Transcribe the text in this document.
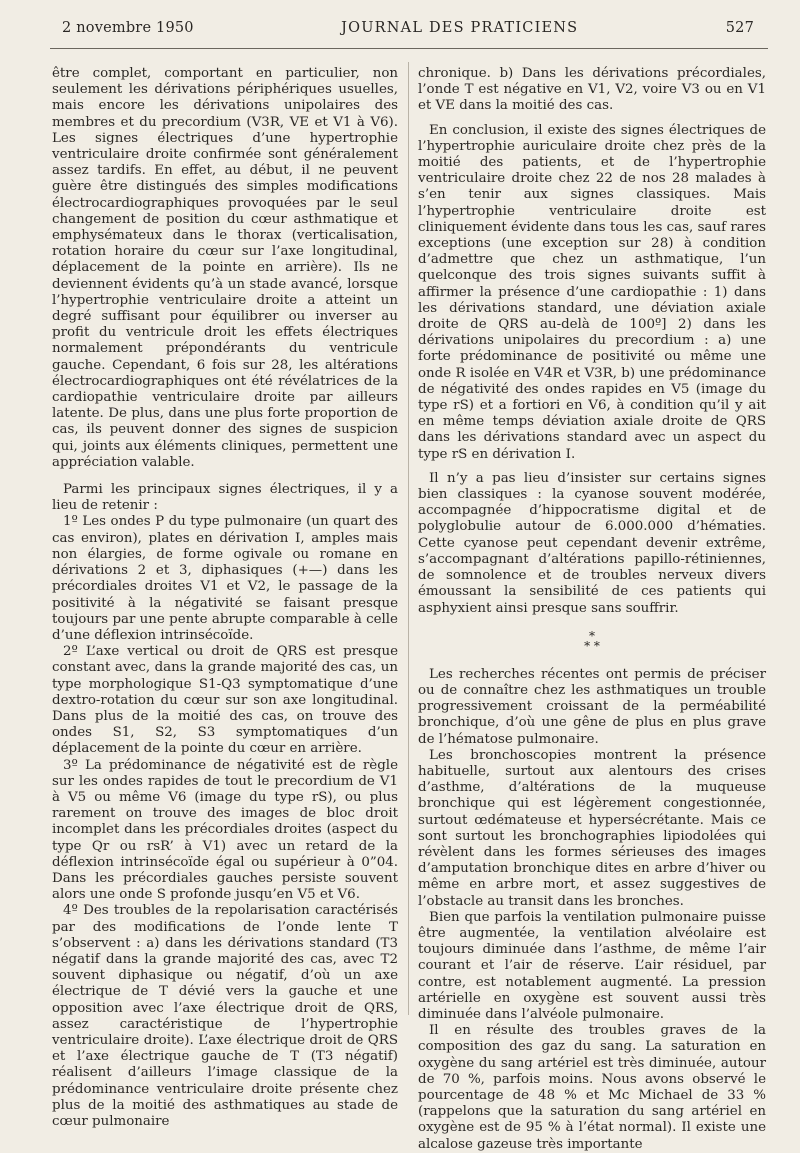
2 novembre 1950	JOURNAL DES PRATICIENS	527

être complet, comportant en particulier, non seulement les dérivations périphériques usuelles, mais encore les dérivations unipolaires des membres et du precordium (V3R, VE et V1 à V6). Les signes électriques d’une hypertrophie ventriculaire droite confirmée sont généralement assez tardifs. En effet, au début, il ne peuvent guère être distingués des simples modifications électrocardiographiques provoquées par le seul changement de position du cœur asthmatique et emphysémateux dans le thorax (verticalisation, rotation horaire du cœur sur l’axe longitudinal, déplacement de la pointe en arrière). Ils ne deviennent évidents qu’à un stade avancé, lorsque l’hypertrophie ventriculaire droite a atteint un degré suffisant pour équilibrer ou inverser au profit du ventricule droit les effets électriques normalement prépondérants du ventricule gauche. Cependant, 6 fois sur 28, les altérations électrocardiographiques ont été révélatrices de la cardiopathie ventriculaire droite par ailleurs latente. De plus, dans une plus forte proportion de cas, ils peuvent donner des signes de suspicion qui, joints aux éléments cliniques, permettent une appréciation valable.

Parmi les principaux signes électriques, il y a lieu de retenir :

1º Les ondes P du type pulmonaire (un quart des cas environ), plates en dérivation I, amples mais non élargies, de forme ogivale ou romane en dérivations 2 et 3, diphasiques (+—) dans les précordiales droites V1 et V2, le passage de la positivité à la négativité se faisant presque toujours par une pente abrupte comparable à celle d’une déflexion intrinsécoïde.

2º L’axe vertical ou droit de QRS est presque constant avec, dans la grande majorité des cas, un type morphologique S1-Q3 symptomatique d’une dextro-rotation du cœur sur son axe longitudinal. Dans plus de la moitié des cas, on trouve des ondes S1, S2, S3 symptomatiques d’un déplacement de la pointe du cœur en arrière.

3º La prédominance de négativité est de règle sur les ondes rapides de tout le precordium de V1 à V5 ou même V6 (image du type rS), ou plus rarement on trouve des images de bloc droit incomplet dans les précordiales droites (aspect du type Qr ou rsR’ à V1) avec un retard de la déflexion intrinsécoïde égal ou supérieur à 0”04. Dans les précordiales gauches persiste souvent alors une onde S profonde jusqu’en V5 et V6.

4º Des troubles de la repolarisation caractérisés par des modifications de l’onde lente T s’observent : a) dans les dérivations standard (T3 négatif dans la grande majorité des cas, avec T2 souvent diphasique ou négatif, d’où un axe électrique de T dévié vers la gauche et une opposition avec l’axe électrique droit de QRS, assez caractéristique de l’hypertrophie ventriculaire droite). L’axe électrique droit de QRS et l’axe électrique gauche de T (T3 négatif) réalisent d’ailleurs l’image classique de la prédominance ventriculaire droite présente chez plus de la moitié des asthmatiques au stade de cœur pulmonaire

chronique. b) Dans les dérivations précordiales, l’onde T est négative en V1, V2, voire V3 ou en V1 et VE dans la moitié des cas.

En conclusion, il existe des signes électriques de l’hypertrophie auriculaire droite chez près de la moitié des patients, et de l’hypertrophie ventriculaire droite chez 22 de nos 28 malades à s’en tenir aux signes classiques. Mais l’hypertrophie ventriculaire droite est cliniquement évidente dans tous les cas, sauf rares exceptions (une exception sur 28) à condition d’admettre que chez un asthmatique, l’un quelconque des trois signes suivants suffit à affirmer la présence d’une cardiopathie : 1) dans les dérivations standard, une déviation axiale droite de QRS au-delà de 100º] 2) dans les dérivations unipolaires du precordium : a) une forte prédominance de positivité ou même une onde R isolée en V4R et V3R, b) une prédominance de négativité des ondes rapides en V5 (image du type rS) et a fortiori en V6, à condition qu’il y ait en même temps déviation axiale droite de QRS dans les dérivations standard avec un aspect du type rS en dérivation I.

Il n’y a pas lieu d’insister sur certains signes bien classiques : la cyanose souvent modérée, accompagnée d’hippocratisme digital et de polyglobulie autour de 6.000.000 d’hématies. Cette cyanose peut cependant devenir extrême, s’accompagnant d’altérations papillo-rétiniennes, de somnolence et de troubles nerveux divers émoussant la sensibilité de ces patients qui asphyxient ainsi presque sans souffrir.

*
* *

Les recherches récentes ont permis de préciser ou de connaître chez les asthmatiques un trouble progressivement croissant de la perméabilité bronchique, d’où une gêne de plus en plus grave de l’hématose pulmonaire.

Les bronchoscopies montrent la présence habituelle, surtout aux alentours des crises d’asthme, d’altérations de la muqueuse bronchique qui est légèrement congestionnée, surtout œdémateuse et hypersécrétante. Mais ce sont surtout les bronchographies lipiodolées qui révèlent dans les formes sérieuses des images d’amputation bronchique dites en arbre d’hiver ou même en arbre mort, et assez suggestives de l’obstacle au transit dans les bronches.

Bien que parfois la ventilation pulmonaire puisse être augmentée, la ventilation alvéolaire est toujours diminuée dans l’asthme, de même l’air courant et l’air de réserve. L’air résiduel, par contre, est notablement augmenté. La pression artérielle en oxygène est souvent aussi très diminuée dans l’alvéole pulmonaire.

Il en résulte des troubles graves de la composition des gaz du sang. La saturation en oxygène du sang artériel est très diminuée, autour de 70 %, parfois moins. Nous avons observé le pourcentage de 48 % et Mc Michael de 33 % (rappelons que la saturation du sang artériel en oxygène est de 95 % à l’état normal). Il existe une alcalose gazeuse très importante
